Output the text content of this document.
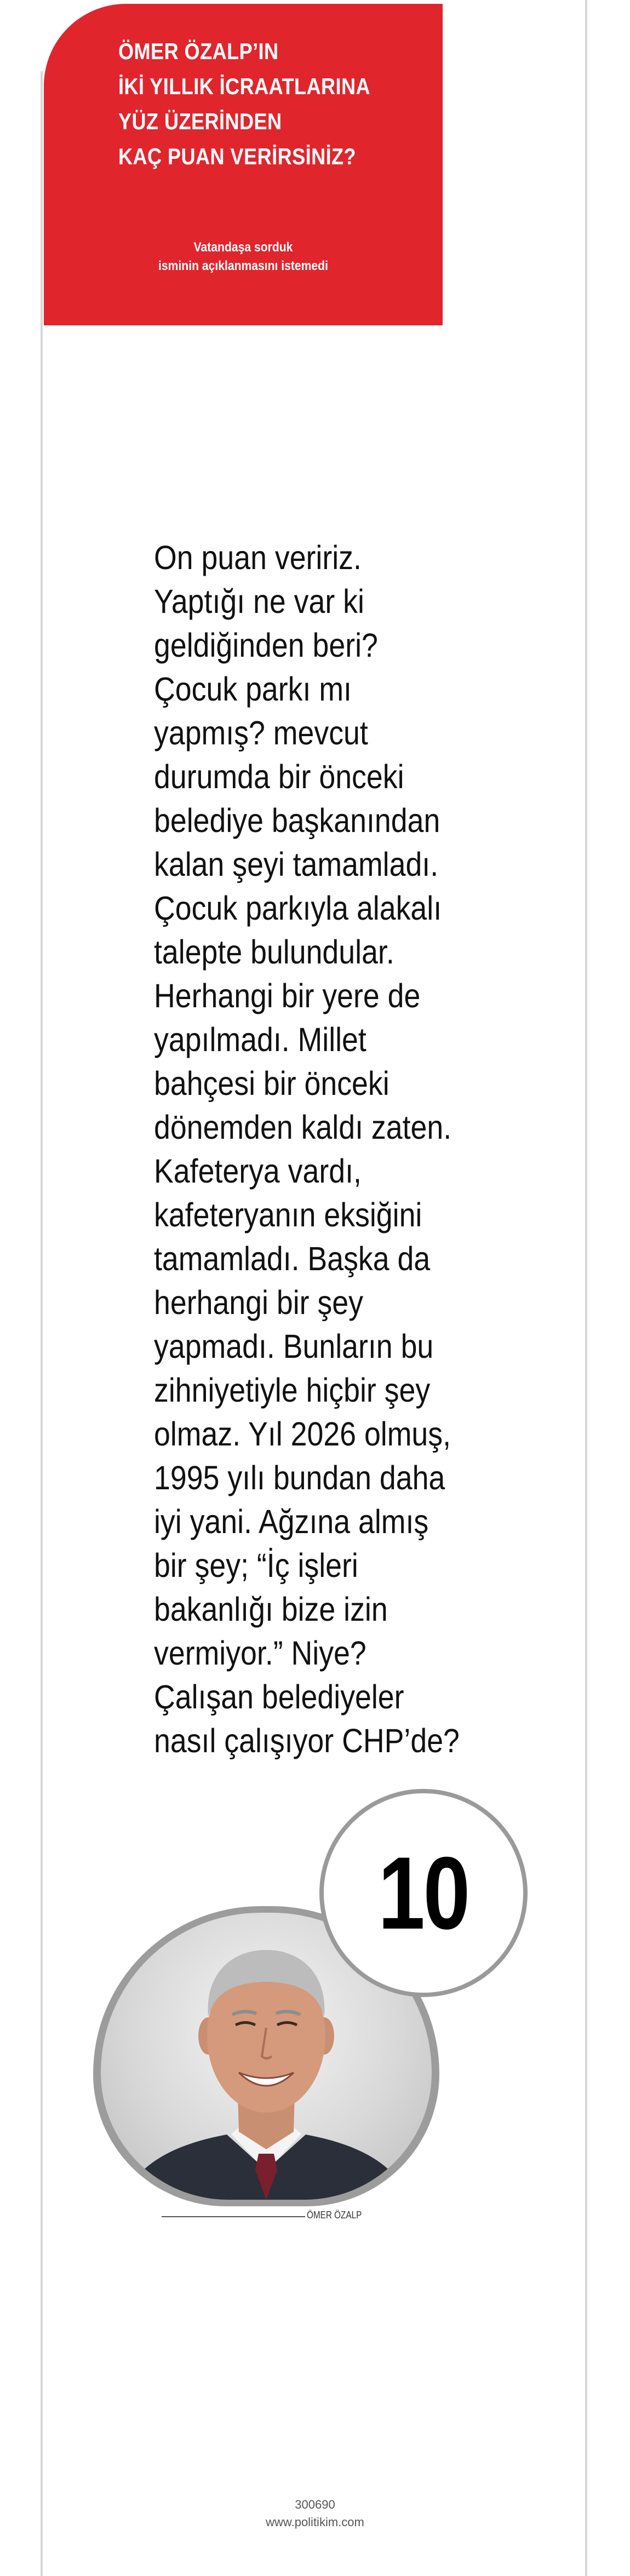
ÖMER ÖZALP’IN
İKİ YILLIK İCRAATLARINA
YÜZ ÜZERİNDEN
KAÇ PUAN VERİRSİNİZ?
Vatandaşa sorduk
isminin açıklanmasını istemedi
On puan veririz.
Yaptığı ne var ki
geldiğinden beri?
Çocuk parkı mı
yapmış? mevcut
durumda bir önceki
belediye başkanından
kalan şeyi tamamladı.
Çocuk parkıyla alakalı
talepte bulundular.
Herhangi bir yere de
yapılmadı. Millet
bahçesi bir önceki
dönemden kaldı zaten.
Kafeterya vardı,
kafeteryanın eksiğini
tamamladı. Başka da
herhangi bir şey
yapmadı. Bunların bu
zihniyetiyle hiçbir şey
olmaz. Yıl 2026 olmuş,
1995 yılı bundan daha
iyi yani. Ağzına almış
bir şey; “İç işleri
bakanlığı bize izin
vermiyor.” Niye?
Çalışan belediyeler
nasıl çalışıyor CHP’de?
10
ÖMER ÖZALP
300690
www.politikim.com
